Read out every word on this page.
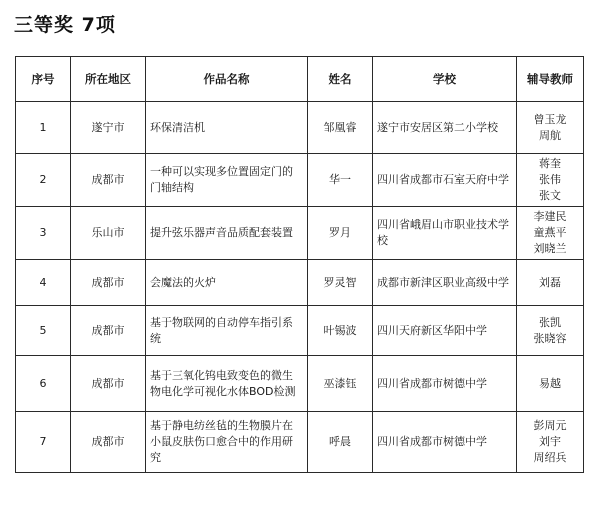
三等奖 7项
序号	所在地区	作品名称	姓名	学校	辅导教师
1	遂宁市	环保清洁机	邹凰睿	遂宁市安居区第二小学校	曾玉龙
周航

2	成都市	一种可以实现多位置固定门的门轴结构	华一	四川省成都市石室天府中学	蒋奎
张伟
张文

3	乐山市	提升弦乐器声音品质配套装置	罗月	四川省峨眉山市职业技术学校	李建民
童燕平
刘晓兰

4	成都市	会魔法的火炉	罗灵智	成都市新津区职业高级中学	刘磊

5	成都市	基于物联网的自动停车指引系统	叶锡波	四川天府新区华阳中学	张凯
张晓容

6	成都市	基于三氧化钨电致变色的微生物电化学可视化水体BOD检测	巫漆钰	四川省成都市树德中学	易越

7	成都市	基于静电纺丝毡的生物膜片在小鼠皮肤伤口愈合中的作用研究	呼晨	四川省成都市树德中学	彭周元
刘宇
周绍兵
